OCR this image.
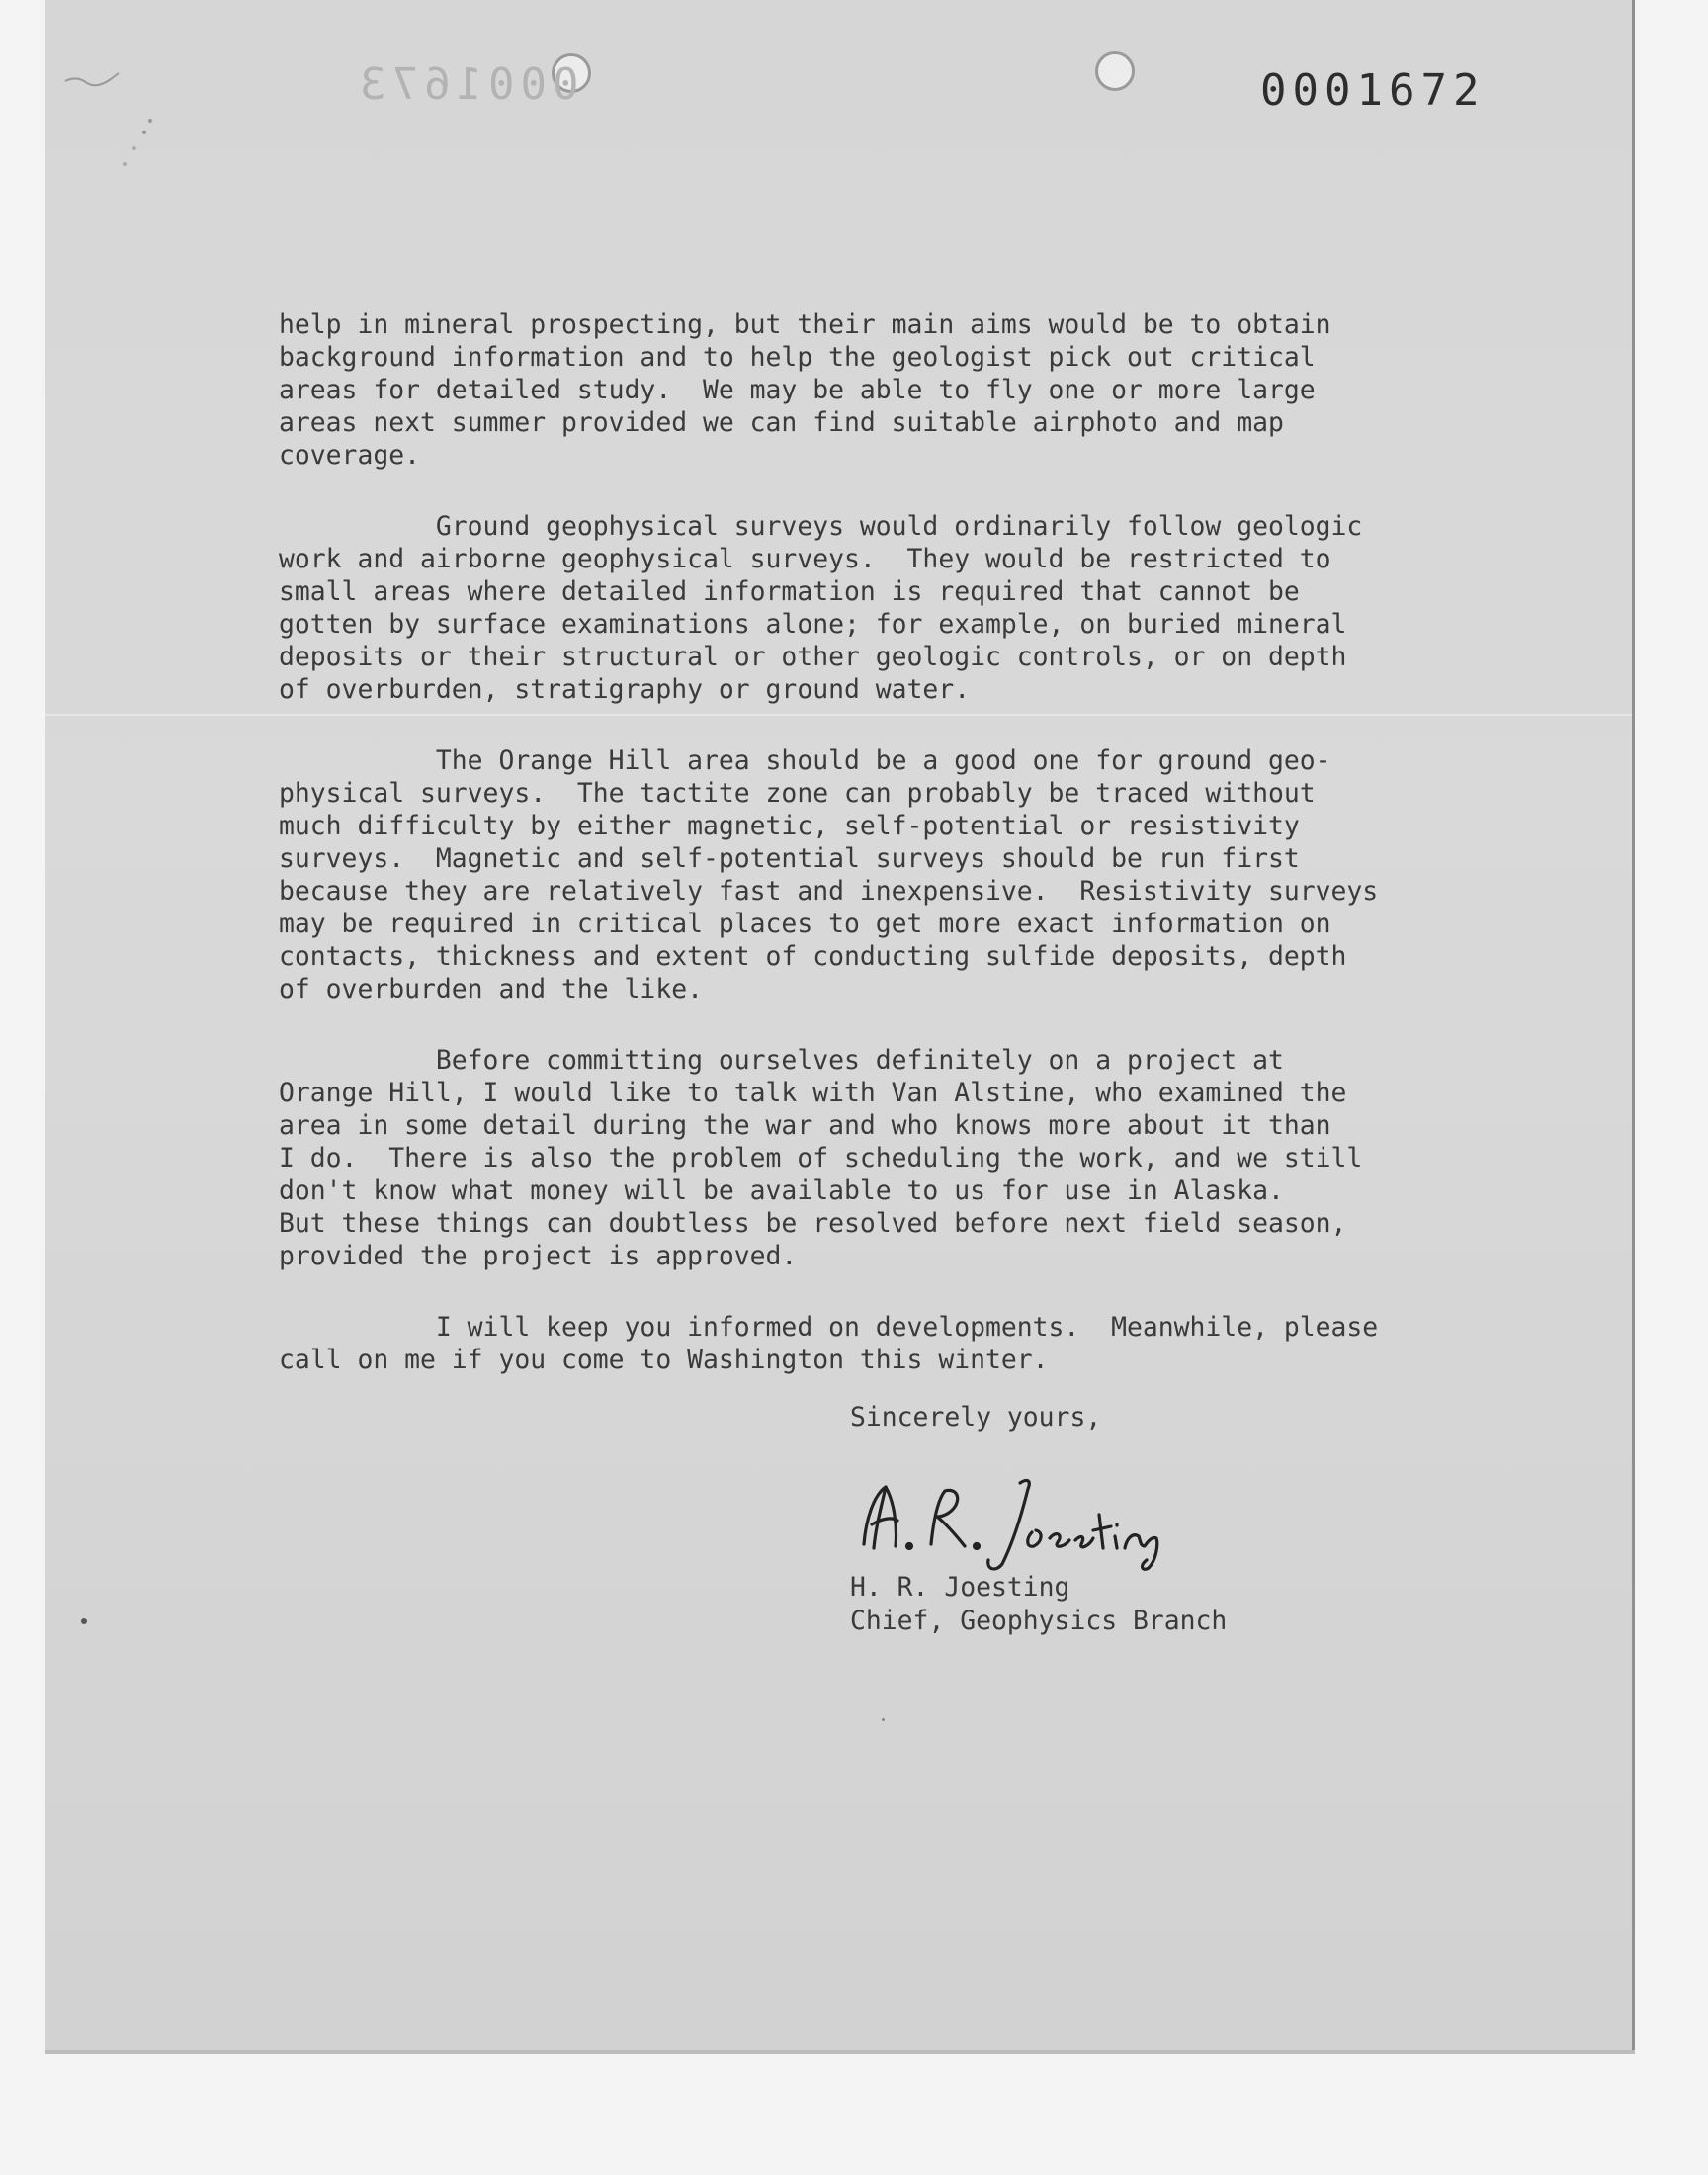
0001673	0001672
help in mineral prospecting, but their main aims would be to obtain
background information and to help the geologist pick out critical
areas for detailed study.  We may be able to fly one or more large
areas next summer provided we can find suitable airphoto and map
coverage.
Ground geophysical surveys would ordinarily follow geologic
work and airborne geophysical surveys.  They would be restricted to
small areas where detailed information is required that cannot be
gotten by surface examinations alone; for example, on buried mineral
deposits or their structural or other geologic controls, or on depth
of overburden, stratigraphy or ground water.
The Orange Hill area should be a good one for ground geo-
physical surveys.  The tactite zone can probably be traced without
much difficulty by either magnetic, self-potential or resistivity
surveys.  Magnetic and self-potential surveys should be run first
because they are relatively fast and inexpensive.  Resistivity surveys
may be required in critical places to get more exact information on
contacts, thickness and extent of conducting sulfide deposits, depth
of overburden and the like.
Before committing ourselves definitely on a project at
Orange Hill, I would like to talk with Van Alstine, who examined the
area in some detail during the war and who knows more about it than
I do.  There is also the problem of scheduling the work, and we still
don't know what money will be available to us for use in Alaska.
But these things can doubtless be resolved before next field season,
provided the project is approved.
I will keep you informed on developments.  Meanwhile, please
call on me if you come to Washington this winter.
Sincerely yours,
H. R. Joesting
Chief, Geophysics Branch
